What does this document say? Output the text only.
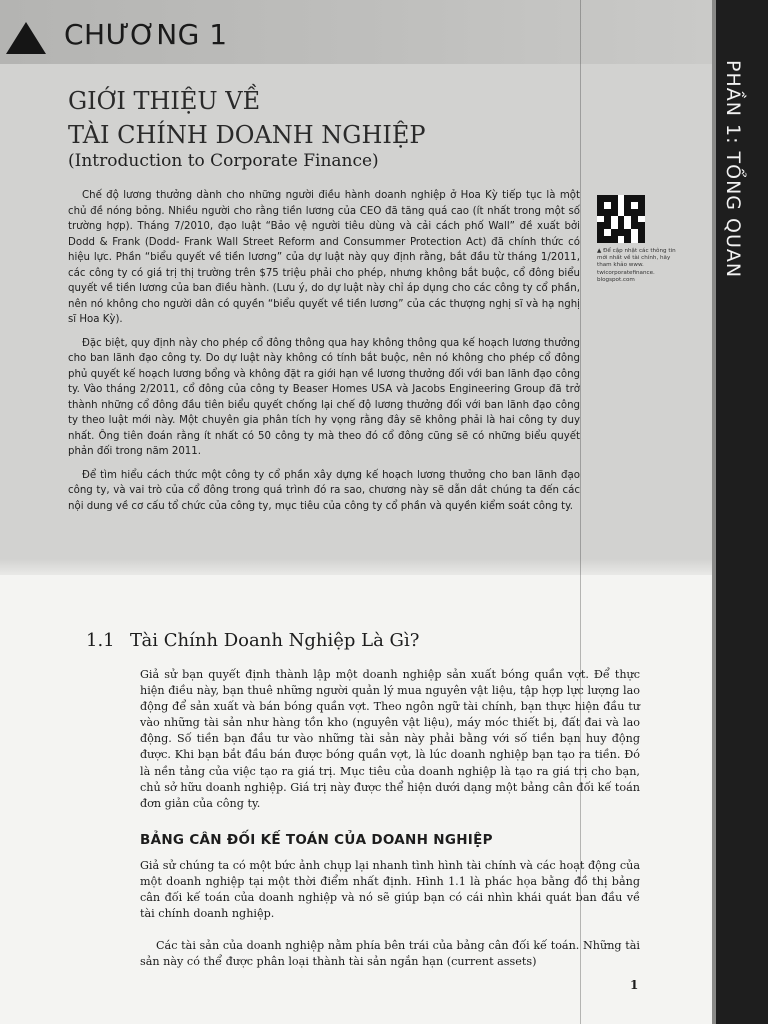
CHƯƠNG 1
PHẦN 1: TỔNG QUAN
GIỚI THIỆU VỀ
TÀI CHÍNH DOANH NGHIỆP
(Introduction to Corporate Finance)

Chế độ lương thưởng dành cho những người điều hành doanh nghiệp ở Hoa Kỳ tiếp tục là một chủ đề nóng bỏng. Nhiều người cho rằng tiền lương của CEO đã tăng quá cao (ít nhất trong một số trường hợp). Tháng 7/2010, đạo luật “Bảo vệ người tiêu dùng và cải cách phố Wall” đề xuất bởi Dodd & Frank (Dodd- Frank Wall Street Reform and Consummer Protection Act) đã chính thức có hiệu lực. Phần “biểu quyết về tiền lương” của dự luật này quy định rằng, bắt đầu từ tháng 1/2011, các công ty có giá trị thị trường trên $75 triệu phải cho phép, nhưng không bắt buộc, cổ đông biểu quyết về tiền lương của ban điều hành. (Lưu ý, do dự luật này chỉ áp dụng cho các công ty cổ phần, nên nó không cho người dân có quyền “biểu quyết về tiền lương” của các thượng nghị sĩ và hạ nghị sĩ Hoa Kỳ).

Đặc biệt, quy định này cho phép cổ đông thông qua hay không thông qua kế hoạch lương thưởng cho ban lãnh đạo công ty. Do dự luật này không có tính bắt buộc, nên nó không cho phép cổ đông phủ quyết kế hoạch lương bổng và không đặt ra giới hạn về lương thưởng đối với ban lãnh đạo công ty. Vào tháng 2/2011, cổ đông của công ty Beaser Homes USA và Jacobs Engineering Group đã trở thành những cổ đông đầu tiên biểu quyết chống lại chế độ lương thưởng đối với ban lãnh đạo công ty theo luật mới này. Một chuyên gia phân tích hy vọng rằng đây sẽ không phải là hai công ty duy nhất. Ông tiên đoán rằng ít nhất có 50 công ty mà theo đó cổ đông cũng sẽ có những biểu quyết phản đối trong năm 2011.

Để tìm hiểu cách thức một công ty cổ phần xây dựng kế hoạch lương thưởng cho ban lãnh đạo công ty, và vai trò của cổ đông trong quá trình đó ra sao, chương này sẽ dẫn dắt chúng ta đến các nội dung về cơ cấu tổ chức của công ty, mục tiêu của công ty cổ phần và quyền kiểm soát công ty.

▲ Để cập nhật các thông tin mới nhất về tài chính, hãy tham khảo www. twicorporatefinance. blogspot.com
1.1 Tài Chính Doanh Nghiệp Là Gì?

Giả sử bạn quyết định thành lập một doanh nghiệp sản xuất bóng quần vợt. Để thực hiện điều này, bạn thuê những người quản lý mua nguyên vật liệu, tập hợp lực lượng lao động để sản xuất và bán bóng quần vợt. Theo ngôn ngữ tài chính, bạn thực hiện đầu tư vào những tài sản như hàng tồn kho (nguyên vật liệu), máy móc thiết bị, đất đai và lao động. Số tiền bạn đầu tư vào những tài sản này phải bằng với số tiền bạn huy động được. Khi bạn bắt đầu bán được bóng quần vợt, là lúc doanh nghiệp bạn tạo ra tiền. Đó là nền tảng của việc tạo ra giá trị. Mục tiêu của doanh nghiệp là tạo ra giá trị cho bạn, chủ sở hữu doanh nghiệp. Giá trị này được thể hiện dưới dạng một bảng cân đối kế toán đơn giản của công ty.

BẢNG CÂN ĐỐI KẾ TOÁN CỦA DOANH NGHIỆP

Giả sử chúng ta có một bức ảnh chụp lại nhanh tình hình tài chính và các hoạt động của một doanh nghiệp tại một thời điểm nhất định. Hình 1.1 là phác họa bằng đồ thị bảng cân đối kế toán của doanh nghiệp và nó sẽ giúp bạn có cái nhìn khái quát ban đầu về tài chính doanh nghiệp.

Các tài sản của doanh nghiệp nằm phía bên trái của bảng cân đối kế toán. Những tài sản này có thể được phân loại thành tài sản ngắn hạn (current assets)

1
